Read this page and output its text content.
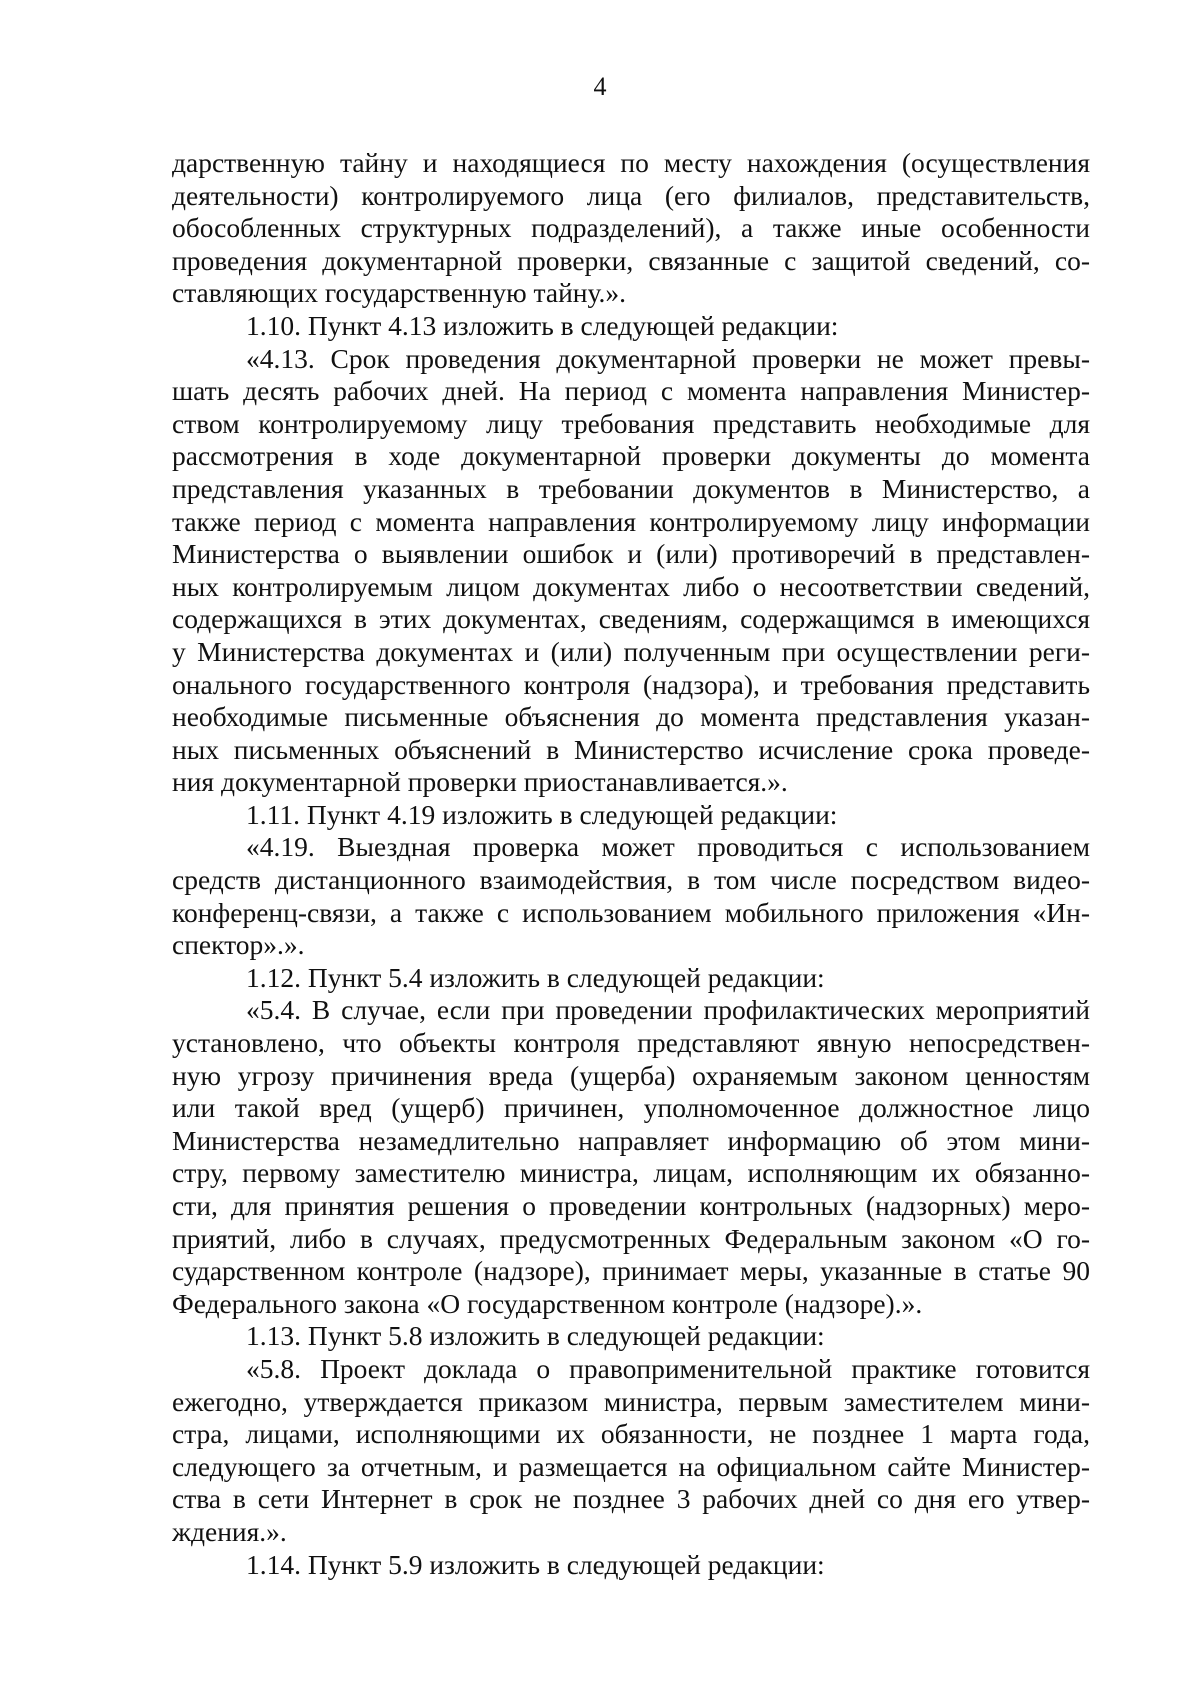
4
дарственную тайну и находящиеся по месту нахождения (осуществления
деятельности) контролируемого лица (его филиалов, представительств,
обособленных структурных подразделений), а также иные особенности
проведения документарной проверки, связанные с защитой сведений, со-
ставляющих государственную тайну.».
1.10. Пункт 4.13 изложить в следующей редакции:
«4.13. Срок проведения документарной проверки не может превы-
шать десять рабочих дней. На период с момента направления Министер-
ством контролируемому лицу требования представить необходимые для
рассмотрения в ходе документарной проверки документы до момента
представления указанных в требовании документов в Министерство, а
также период с момента направления контролируемому лицу информации
Министерства о выявлении ошибок и (или) противоречий в представлен-
ных контролируемым лицом документах либо о несоответствии сведений,
содержащихся в этих документах, сведениям, содержащимся в имеющихся
у Министерства документах и (или) полученным при осуществлении реги-
онального государственного контроля (надзора), и требования представить
необходимые письменные объяснения до момента представления указан-
ных письменных объяснений в Министерство исчисление срока проведе-
ния документарной проверки приостанавливается.».
1.11. Пункт 4.19 изложить в следующей редакции:
«4.19. Выездная проверка может проводиться с использованием
средств дистанционного взаимодействия, в том числе посредством видео-
конференц-связи, а также с использованием мобильного приложения «Ин-
спектор».».
1.12. Пункт 5.4 изложить в следующей редакции:
«5.4. В случае, если при проведении профилактических мероприятий
установлено, что объекты контроля представляют явную непосредствен-
ную угрозу причинения вреда (ущерба) охраняемым законом ценностям
или такой вред (ущерб) причинен, уполномоченное должностное лицо
Министерства незамедлительно направляет информацию об этом мини-
стру, первому заместителю министра, лицам, исполняющим их обязанно-
сти, для принятия решения о проведении контрольных (надзорных) меро-
приятий, либо в случаях, предусмотренных Федеральным законом «О го-
сударственном контроле (надзоре), принимает меры, указанные в статье 90
Федерального закона «О государственном контроле (надзоре).».
1.13. Пункт 5.8 изложить в следующей редакции:
«5.8. Проект доклада о правоприменительной практике готовится
ежегодно, утверждается приказом министра, первым заместителем мини-
стра, лицами, исполняющими их обязанности, не позднее 1 марта года,
следующего за отчетным, и размещается на официальном сайте Министер-
ства в сети Интернет в срок не позднее 3 рабочих дней со дня его утвер-
ждения.».
1.14. Пункт 5.9 изложить в следующей редакции:
